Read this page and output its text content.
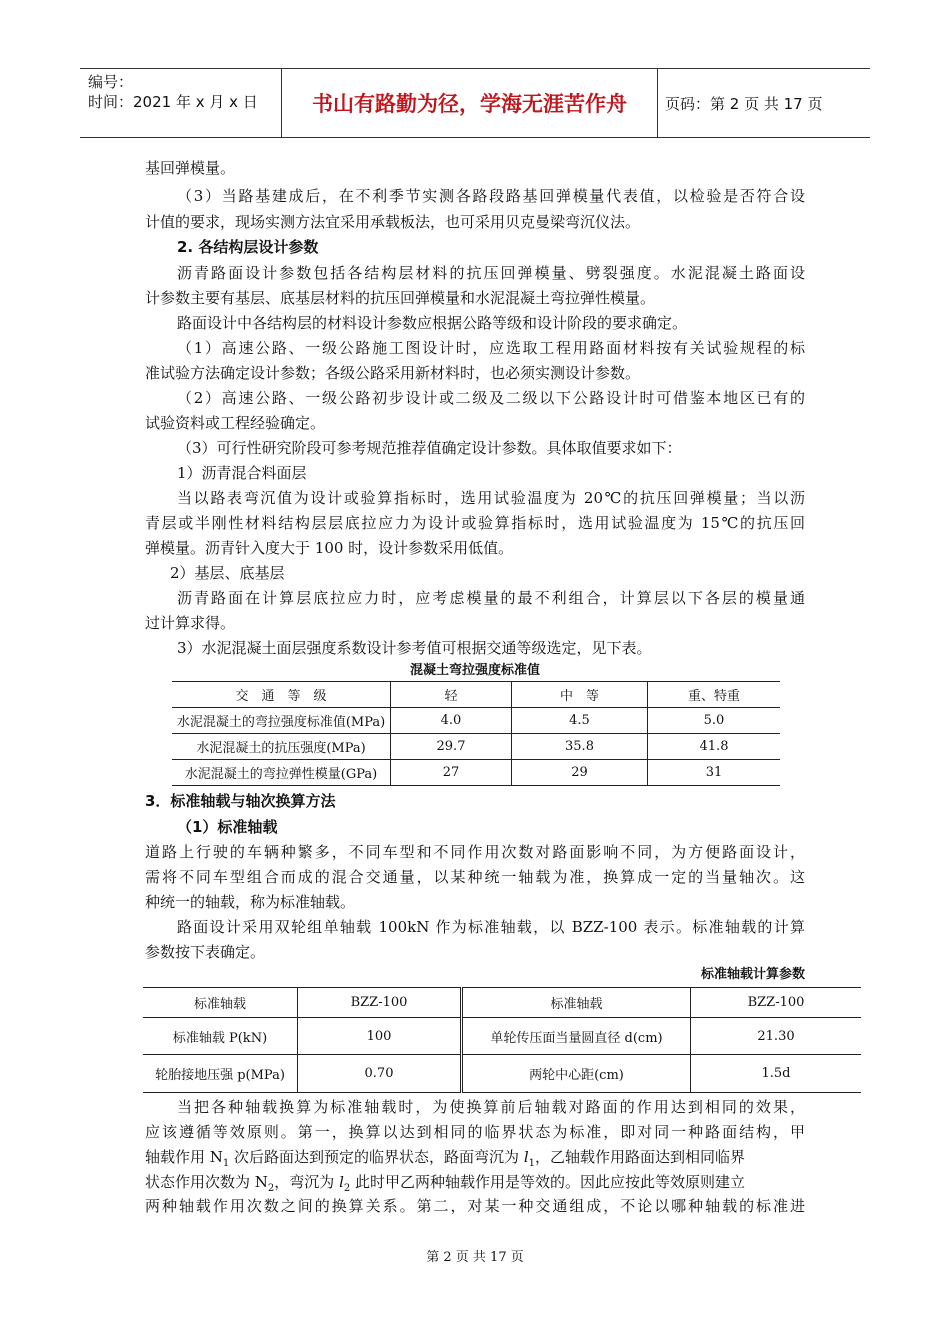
编号：
时间：2021 年 x 月 x 日	书山有路勤为径，学海无涯苦作舟	页码：第 2 页 共 17 页
基回弹模量。
（3）当路基建成后，在不利季节实测各路段路基回弹模量代表值，以检验是否符合设
计值的要求，现场实测方法宜采用承载板法，也可采用贝克曼梁弯沉仪法。
2. 各结构层设计参数
沥青路面设计参数包括各结构层材料的抗压回弹模量、劈裂强度。水泥混凝土路面设
计参数主要有基层、底基层材料的抗压回弹模量和水泥混凝土弯拉弹性模量。
路面设计中各结构层的材料设计参数应根据公路等级和设计阶段的要求确定。
（1）高速公路、一级公路施工图设计时，应选取工程用路面材料按有关试验规程的标
准试验方法确定设计参数；各级公路采用新材料时，也必须实测设计参数。
（2）高速公路、一级公路初步设计或二级及二级以下公路设计时可借鉴本地区已有的
试验资料或工程经验确定。
（3）可行性研究阶段可参考规范推荐值确定设计参数。具体取值要求如下：
1）沥青混合料面层
当以路表弯沉值为设计或验算指标时，选用试验温度为 20℃的抗压回弹模量；当以沥
青层或半刚性材料结构层层底拉应力为设计或验算指标时，选用试验温度为 15℃的抗压回
弹模量。沥青针入度大于 100 时，设计参数采用低值。
2）基层、底基层
沥青路面在计算层底拉应力时，应考虑模量的最不利组合，计算层以下各层的模量通
过计算求得。
3）水泥混凝土面层强度系数设计参考值可根据交通等级选定，见下表。
混凝土弯拉强度标准值
交　通　等　级	轻	中　等	重、特重
水泥混凝土的弯拉强度标准值(MPa)	4.0	4.5	5.0
水泥混凝土的抗压强度(MPa)	29.7	35.8	41.8
水泥混凝土的弯拉弹性模量(GPa)	27	29	31
3．标准轴载与轴次换算方法
（1）标准轴载
道路上行驶的车辆种繁多，不同车型和不同作用次数对路面影响不同，为方便路面设计，
需将不同车型组合而成的混合交通量，以某种统一轴载为准，换算成一定的当量轴次。这
种统一的轴载，称为标准轴载。
路面设计采用双轮组单轴载 100kN 作为标准轴载，以 BZZ-100 表示。标准轴载的计算
参数按下表确定。
标准轴载计算参数
标准轴载	BZZ-100	标准轴载	BZZ-100
标准轴载 P(kN)	100	单轮传压面当量圆直径 d(cm)	21.30
轮胎接地压强 p(MPa)	0.70	两轮中心距(cm)	1.5d
当把各种轴载换算为标准轴载时，为使换算前后轴载对路面的作用达到相同的效果，
应该遵循等效原则。第一，换算以达到相同的临界状态为标准，即对同一种路面结构，甲
轴载作用 $N_1$ 次后路面达到预定的临界状态，路面弯沉为 $l_1$，乙轴载作用路面达到相同临界
状态作用次数为 $N_2$，弯沉为 $l_2$ 此时甲乙两种轴载作用是等效的。因此应按此等效原则建立
两种轴载作用次数之间的换算关系。第二，对某一种交通组成，不论以哪种轴载的标准进
第 2 页 共 17 页
